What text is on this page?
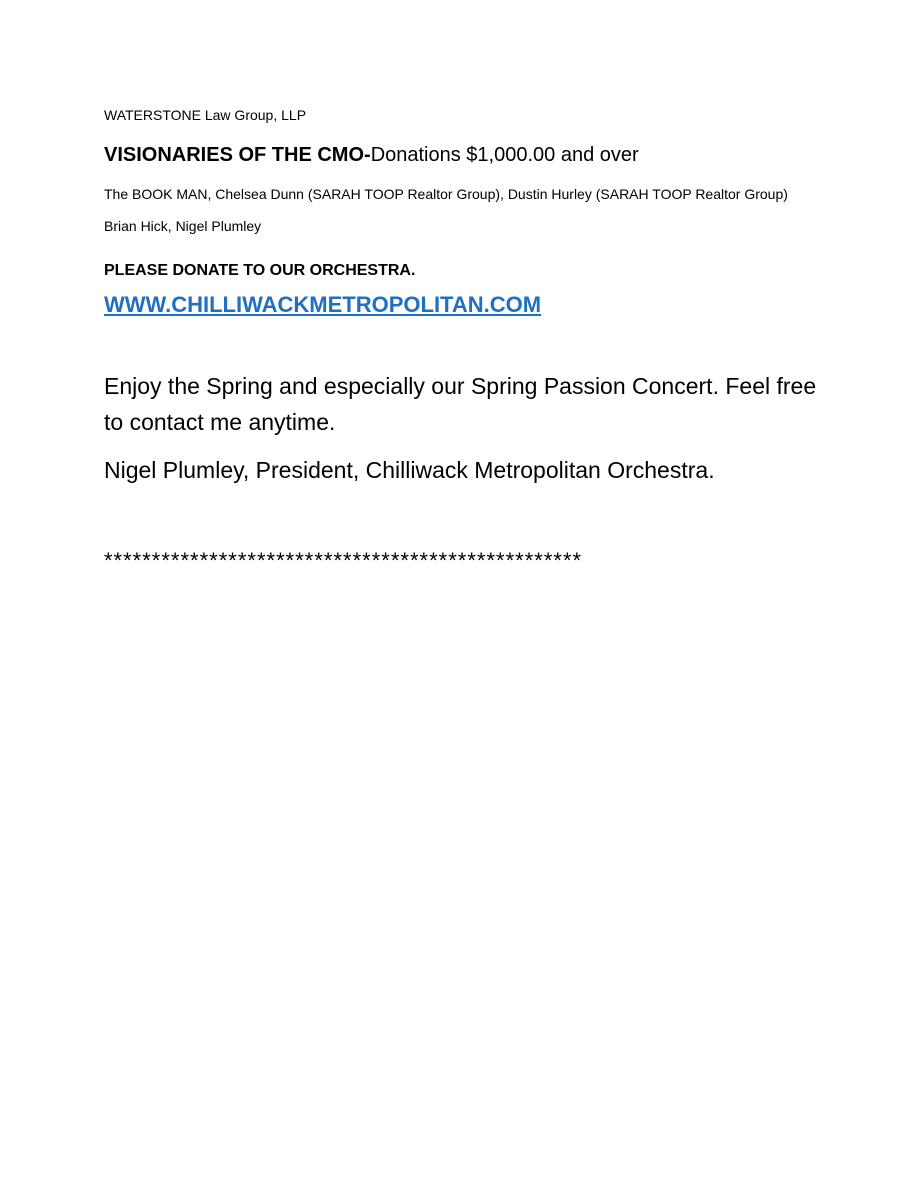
WATERSTONE Law Group, LLP
VISIONARIES OF THE CMO-Donations $1,000.00 and over
The BOOK MAN, Chelsea Dunn (SARAH TOOP Realtor Group), Dustin Hurley (SARAH TOOP Realtor Group) Brian Hick, Nigel Plumley
PLEASE DONATE TO OUR ORCHESTRA.
WWW.CHILLIWACKMETROPOLITAN.COM
Enjoy the Spring and especially our Spring Passion Concert. Feel free to contact me anytime.
Nigel Plumley, President, Chilliwack Metropolitan Orchestra.
**************************************************
